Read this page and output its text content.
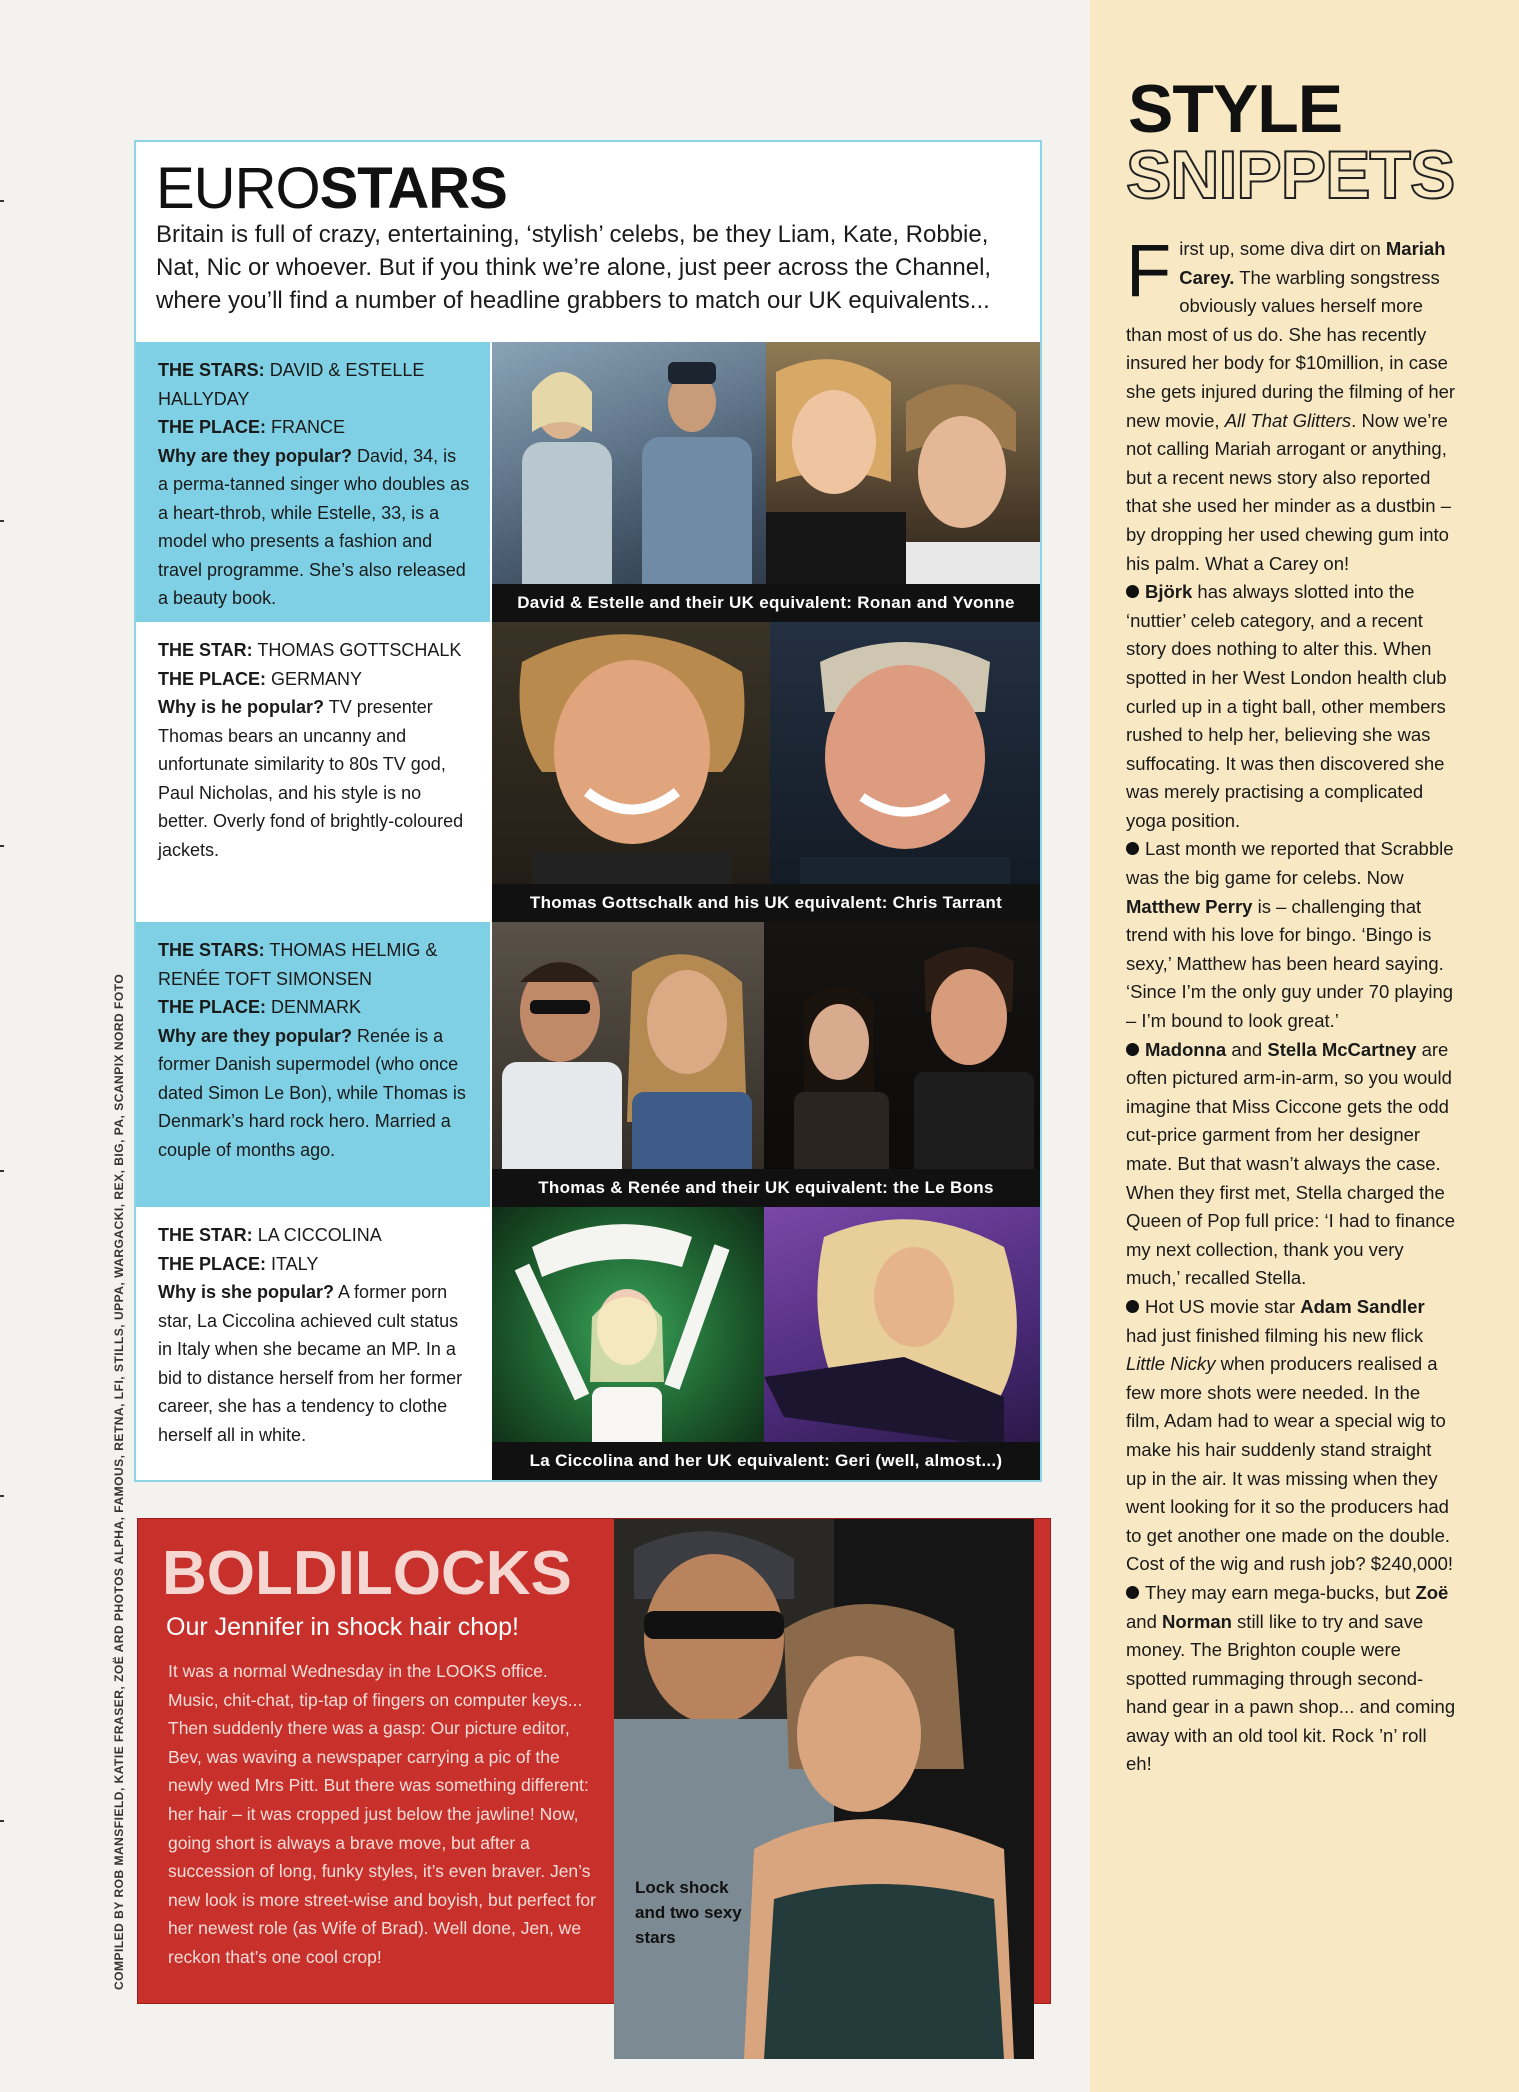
COMPILED BY ROB MANSFIELD, KATIE FRASER, ZOË ARD PHOTOS ALPHA, FAMOUS, RETNA, LFI, STILLS, UPPA, WARGACKI, REX, BIG, PA, SCANPIX NORD FOTO
EUROSTARS
Britain is full of crazy, entertaining, ‘stylish’ celebs, be they Liam, Kate, Robbie, Nat, Nic or whoever. But if you think we’re alone, just peer across the Channel, where you’ll find a number of headline grabbers to match our UK equivalents...
THE STARS: DAVID & ESTELLE HALLYDAY
THE PLACE: FRANCE
Why are they popular? David, 34, is a perma-tanned singer who doubles as a heart-throb, while Estelle, 33, is a model who presents a fashion and travel programme. She’s also released a beauty book.	David & Estelle and their UK equivalent: Ronan and Yvonne
THE STAR: THOMAS GOTTSCHALK
THE PLACE: GERMANY
Why is he popular? TV presenter Thomas bears an uncanny and unfortunate similarity to 80s TV god, Paul Nicholas, and his style is no better. Overly fond of brightly-coloured jackets.
Thomas Gottschalk and his UK equivalent: Chris Tarrant
THE STARS: THOMAS HELMIG & RENÉE TOFT SIMONSEN
THE PLACE: DENMARK
Why are they popular? Renée is a former Danish supermodel (who once dated Simon Le Bon), while Thomas is Denmark’s hard rock hero. Married a couple of months ago.
Thomas & Renée and their UK equivalent: the Le Bons
THE STAR: LA CICCOLINA
THE PLACE: ITALY
Why is she popular? A former porn star, La Ciccolina achieved cult status in Italy when she became an MP. In a bid to distance herself from her former career, she has a tendency to clothe herself all in white.
La Ciccolina and her UK equivalent: Geri (well, almost...)
BOLDILOCKS
Our Jennifer in shock hair chop!
It was a normal Wednesday in the LOOKS office. Music, chit-chat, tip-tap of fingers on computer keys... Then suddenly there was a gasp: Our picture editor, Bev, was waving a newspaper carrying a pic of the newly wed Mrs Pitt. But there was something different: her hair – it was cropped just below the jawline! Now, going short is always a brave move, but after a succession of long, funky styles, it’s even braver. Jen’s new look is more street-wise and boyish, but perfect for her newest role (as Wife of Brad). Well done, Jen, we reckon that’s one cool crop!
Lock shock and two sexy stars
STYLE
SNIPPETS
First up, some diva dirt on Mariah Carey. The warbling songstress obviously values herself more than most of us do. She has recently insured her body for $10million, in case she gets injured during the filming of her new movie, All That Glitters. Now we’re not calling Mariah arrogant or anything, but a recent news story also reported that she used her minder as a dustbin – by dropping her used chewing gum into his palm. What a Carey on!
Björk has always slotted into the ‘nuttier’ celeb category, and a recent story does nothing to alter this. When spotted in her West London health club curled up in a tight ball, other members rushed to help her, believing she was suffocating. It was then discovered she was merely practising a complicated yoga position.
Last month we reported that Scrabble was the big game for celebs. Now Matthew Perry is – challenging that trend with his love for bingo. ‘Bingo is sexy,’ Matthew has been heard saying. ‘Since I’m the only guy under 70 playing – I’m bound to look great.’
Madonna and Stella McCartney are often pictured arm-in-arm, so you would imagine that Miss Ciccone gets the odd cut-price garment from her designer mate. But that wasn’t always the case. When they first met, Stella charged the Queen of Pop full price: ‘I had to finance my next collection, thank you very much,’ recalled Stella.
Hot US movie star Adam Sandler had just finished filming his new flick Little Nicky when producers realised a few more shots were needed. In the film, Adam had to wear a special wig to make his hair suddenly stand straight up in the air. It was missing when they went looking for it so the producers had to get another one made on the double. Cost of the wig and rush job? $240,000!
They may earn mega-bucks, but Zoë and Norman still like to try and save money. The Brighton couple were spotted rummaging through second-hand gear in a pawn shop... and coming away with an old tool kit. Rock ’n’ roll eh!
